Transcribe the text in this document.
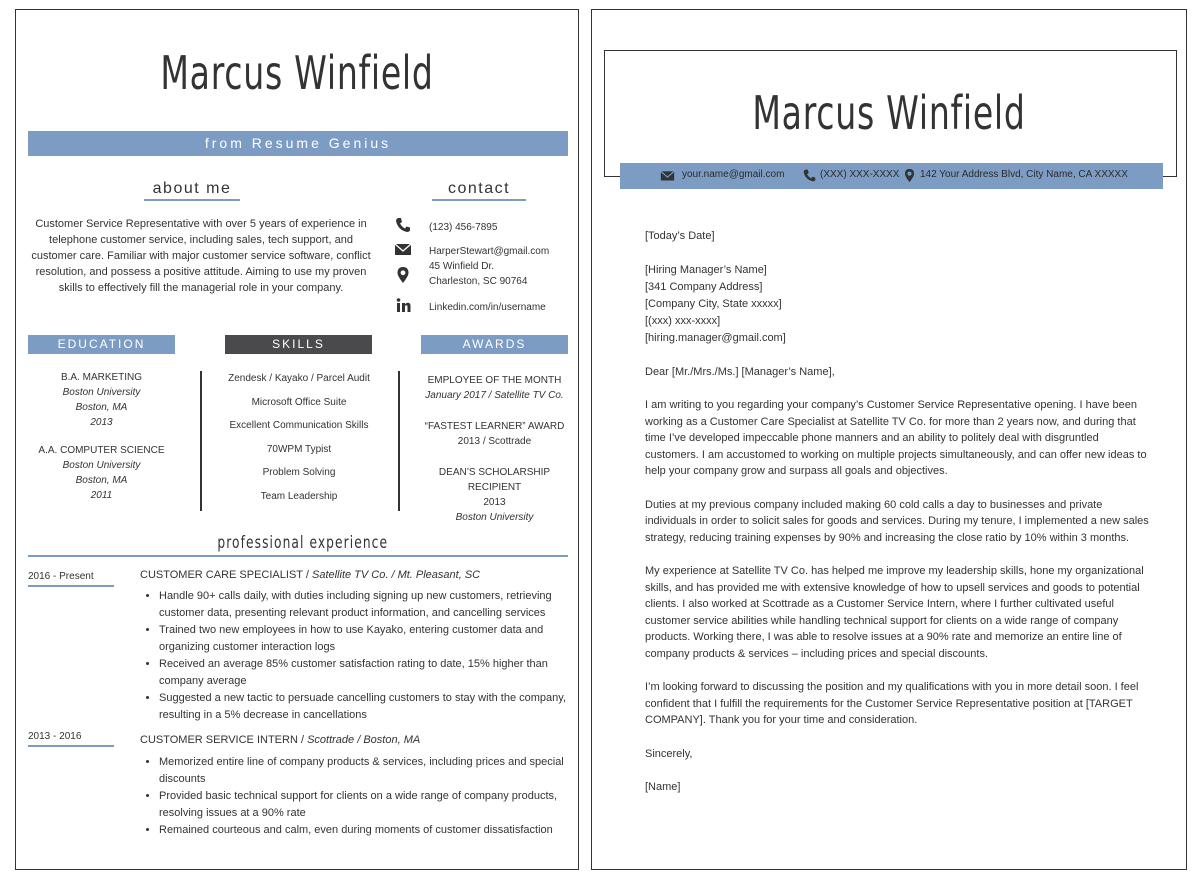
Marcus Winfield
from Resume Genius
about me
Customer Service Representative with over 5 years of experience in telephone customer service, including sales, tech support, and customer care. Familiar with major customer service software, conflict resolution, and possess a positive attitude. Aiming to use my proven skills to effectively fill the managerial role in your company.
contact
(123) 456-7895
HarperStewart@gmail.com
45 Winfield Dr.
Charleston, SC 90764
Linkedin.com/in/username
EDUCATION	SKILLS	AWARDS
B.A. MARKETING
Boston University
Boston, MA
2013
A.A. COMPUTER SCIENCE
Boston University
Boston, MA
2011
Zendesk / Kayako / Parcel Audit
Microsoft Office Suite
Excellent Communication Skills
70WPM Typist
Problem Solving
Team Leadership
EMPLOYEE OF THE MONTH
January 2017 / Satellite TV Co.
“FASTEST LEARNER” AWARD
2013 / Scottrade
DEAN’S SCHOLARSHIP RECIPIENT
2013
Boston University
professional experience
2016 - Present	CUSTOMER CARE SPECIALIST / Satellite TV Co. / Mt. Pleasant, SC
• Handle 90+ calls daily, with duties including signing up new customers, retrieving customer data, presenting relevant product information, and cancelling services
• Trained two new employees in how to use Kayako, entering customer data and organizing customer interaction logs
• Received an average 85% customer satisfaction rating to date, 15% higher than company average
• Suggested a new tactic to persuade cancelling customers to stay with the company, resulting in a 5% decrease in cancellations
2013 - 2016	CUSTOMER SERVICE INTERN / Scottrade / Boston, MA
• Memorized entire line of company products & services, including prices and special discounts
• Provided basic technical support for clients on a wide range of company products, resolving issues at a 90% rate
• Remained courteous and calm, even during moments of customer dissatisfaction
Marcus Winfield
your.name@gmail.com	(XXX) XXX-XXXX 142 Your Address Blvd, City Name, CA XXXXX

[Today’s Date]

[Hiring Manager’s Name]
[341 Company Address]
[Company City, State xxxxx]
[(xxx) xxx-xxxx]
[hiring.manager@gmail.com]

Dear [Mr./Mrs./Ms.] [Manager’s Name],

I am writing to you regarding your company’s Customer Service Representative opening. I have been working as a Customer Care Specialist at Satellite TV Co. for more than 2 years now, and during that time I’ve developed impeccable phone manners and an ability to politely deal with disgruntled customers. I am accustomed to working on multiple projects simultaneously, and can offer new ideas to help your company grow and surpass all goals and objectives.

Duties at my previous company included making 60 cold calls a day to businesses and private individuals in order to solicit sales for goods and services. During my tenure, I implemented a new sales strategy, reducing training expenses by 90% and increasing the close ratio by 10% within 3 months.

My experience at Satellite TV Co. has helped me improve my leadership skills, hone my organizational skills, and has provided me with extensive knowledge of how to upsell services and goods to potential clients. I also worked at Scottrade as a Customer Service Intern, where I further cultivated useful customer service abilities while handling technical support for clients on a wide range of company products. Working there, I was able to resolve issues at a 90% rate and memorize an entire line of company products & services – including prices and special discounts.

I’m looking forward to discussing the position and my qualifications with you in more detail soon. I feel confident that I fulfill the requirements for the Customer Service Representative position at [TARGET COMPANY]. Thank you for your time and consideration.

Sincerely,

[Name]
